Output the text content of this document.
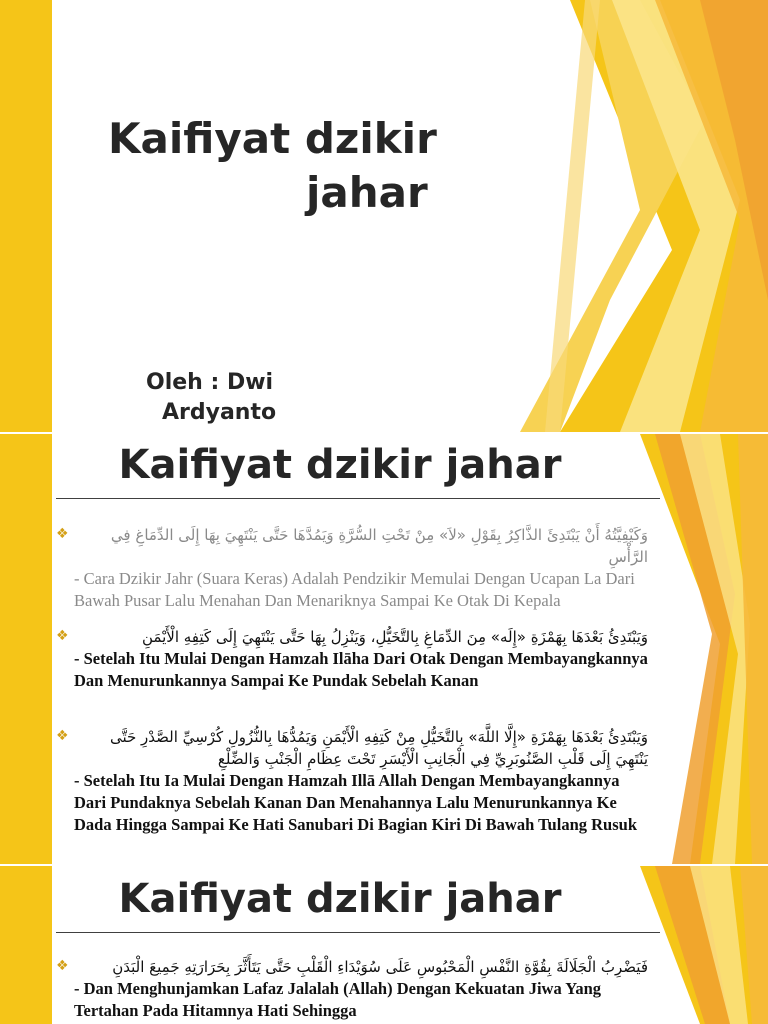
Kaifiyat dzikir
jahar
Oleh : Dwi
Ardyanto
Kaifiyat dzikir jahar
❖	وَكَيْفِيَّتُهُ أَنْ يَبْتَدِئَ الذَّاكِرُ بِقَوْلِ «لاَ» مِنْ تَحْتِ السُّرَّةِ وَيَمُدَّهَا حَتَّى يَنْتَهِيَ بِهَا إِلَى الدِّمَاغِ فِي الرَّأْسِ
- Cara Dzikir Jahr (Suara Keras) Adalah Pendzikir Memulai Dengan Ucapan La Dari Bawah Pusar Lalu Menahan Dan Menariknya Sampai Ke Otak Di Kepala
❖	وَيَبْتَدِئُ بَعْدَهَا بِهَمْزَةِ «إِلَه» مِنَ الدِّمَاغِ بِالتَّخَيُّلِ، وَيَنْزِلُ بِهَا حَتَّى يَنْتَهِيَ إِلَى كَتِفِهِ الْأَيْمَنِ
- Setelah Itu Mulai Dengan Hamzah Ilāha Dari Otak Dengan Membayangkannya Dan Menurunkannya Sampai Ke Pundak Sebelah Kanan
❖	وَيَبْتَدِئُ بَعْدَهَا بِهَمْزَةِ «إِلَّا اللَّهَ» بِالتَّخَيُّلِ مِنْ كَتِفِهِ الْأَيْمَنِ وَيَمُدُّهَا بِالنُّزُولِ كُرْسِيِّ الصَّدْرِ حَتَّى يَنْتَهِيَ إِلَى قَلْبِ الصَّنُوبَرِيِّ فِي الْجَانِبِ الْأَيْسَرِ تَحْتَ عِظَامِ الْجَنْبِ وَالضِّلْعِ
- Setelah Itu Ia Mulai Dengan Hamzah Illā Allah Dengan Membayangkannya Dari Pundaknya Sebelah Kanan Dan Menahannya Lalu Menurunkannya Ke Dada Hingga Sampai Ke Hati Sanubari Di Bagian Kiri Di Bawah Tulang Rusuk
Kaifiyat dzikir jahar
❖	فَيَضْرِبُ الْجَلَالَةَ بِقُوَّةِ النَّفْسِ الْمَحْبُوسِ عَلَى سُوَيْدَاءِ الْقَلْبِ حَتَّى يَتَأَثَّرَ بِحَرَارَتِهِ جَمِيعَ الْبَدَنِ
- Dan Menghunjamkan Lafaz Jalalah (Allah) Dengan Kekuatan Jiwa Yang Tertahan Pada Hitamnya Hati Sehingga
